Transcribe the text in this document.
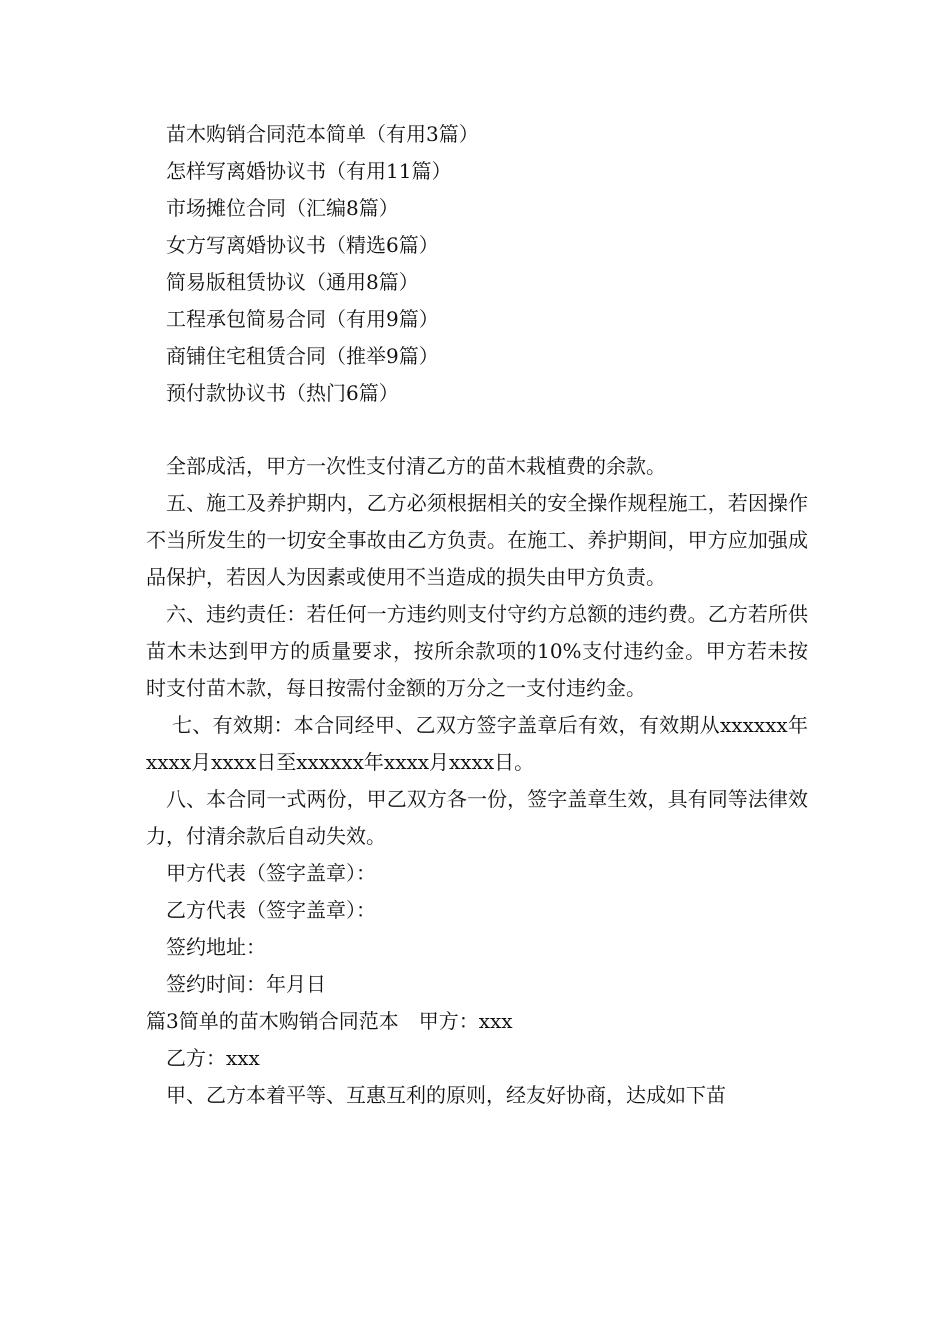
苗木购销合同范本简单（有用3篇）
怎样写离婚协议书（有用11篇）
市场摊位合同（汇编8篇）
女方写离婚协议书（精选6篇）
简易版租赁协议（通用8篇）
工程承包简易合同（有用9篇）
商铺住宅租赁合同（推举9篇）
预付款协议书（热门6篇）

全部成活，甲方一次性支付清乙方的苗木栽植费的余款。

五、施工及养护期内，乙方必须根据相关的安全操作规程施工，若因操作不当所发生的一切安全事故由乙方负责。在施工、养护期间，甲方应加强成品保护，若因人为因素或使用不当造成的损失由甲方负责。

六、违约责任：若任何一方违约则支付守约方总额的违约费。乙方若所供苗木未达到甲方的质量要求，按所余款项的10%支付违约金。甲方若未按时支付苗木款，每日按需付金额的万分之一支付违约金。

七、有效期：本合同经甲、乙双方签字盖章后有效，有效期从xxxxxx年xxxx月xxxx日至xxxxxx年xxxx月xxxx日。

八、本合同一式两份，甲乙双方各一份，签字盖章生效，具有同等法律效力，付清余款后自动失效。

甲方代表（签字盖章）：

乙方代表（签字盖章）：

签约地址：

签约时间：年月日

篇3简单的苗木购销合同范本　甲方：xxx

乙方：xxx

甲、乙方本着平等、互惠互利的原则，经友好协商，达成如下苗
